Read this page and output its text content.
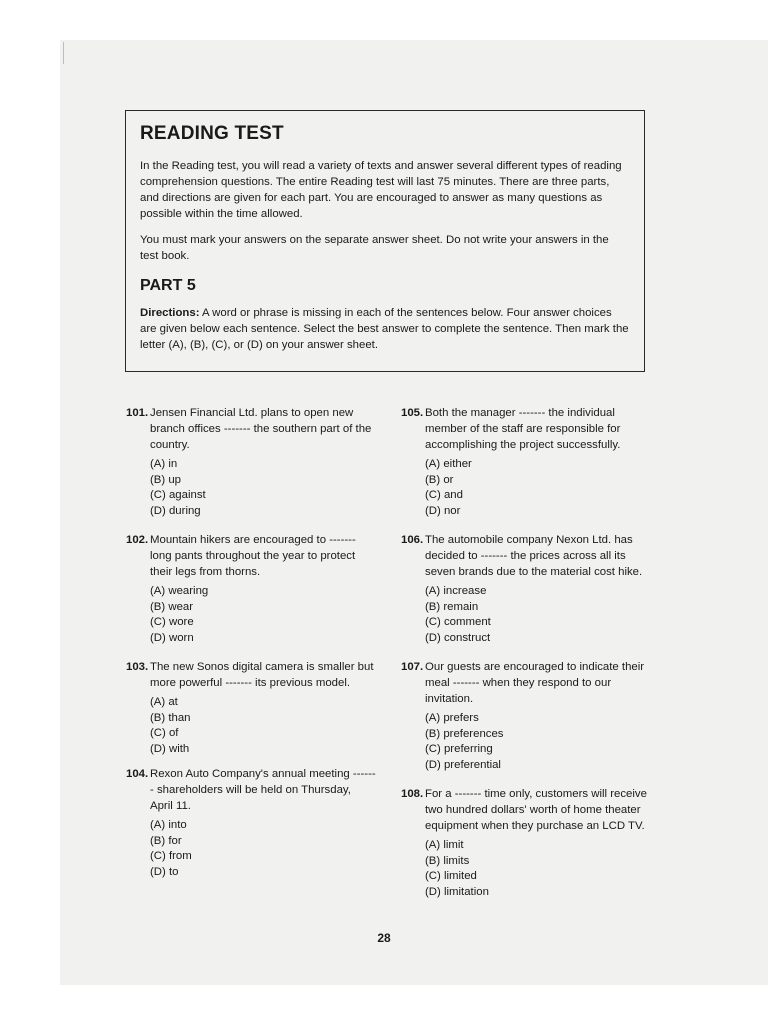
READING TEST

In the Reading test, you will read a variety of texts and answer several different types of reading comprehension questions. The entire Reading test will last 75 minutes. There are three parts, and directions are given for each part. You are encouraged to answer as many questions as possible within the time allowed.

You must mark your answers on the separate answer sheet. Do not write your answers in the test book.

PART 5

Directions: A word or phrase is missing in each of the sentences below. Four answer choices are given below each sentence. Select the best answer to complete the sentence. Then mark the letter (A), (B), (C), or (D) on your answer sheet.

101. Jensen Financial Ltd. plans to open new branch offices ------- the southern part of the country.
(A) in
(B) up
(C) against
(D) during
102. Mountain hikers are encouraged to ------- long pants throughout the year to protect their legs from thorns.
(A) wearing
(B) wear
(C) wore
(D) worn
103. The new Sonos digital camera is smaller but more powerful ------- its previous model.
(A) at
(B) than
(C) of
(D) with
104. Rexon Auto Company's annual meeting ------- shareholders will be held on Thursday, April 11.
(A) into
(B) for
(C) from
(D) to
105. Both the manager ------- the individual member of the staff are responsible for accomplishing the project successfully.
(A) either
(B) or
(C) and
(D) nor
106. The automobile company Nexon Ltd. has decided to ------- the prices across all its seven brands due to the material cost hike.
(A) increase
(B) remain
(C) comment
(D) construct
107. Our guests are encouraged to indicate their meal ------- when they respond to our invitation.
(A) prefers
(B) preferences
(C) preferring
(D) preferential
108. For a ------- time only, customers will receive two hundred dollars' worth of home theater equipment when they purchase an LCD TV.
(A) limit
(B) limits
(C) limited
(D) limitation
28
